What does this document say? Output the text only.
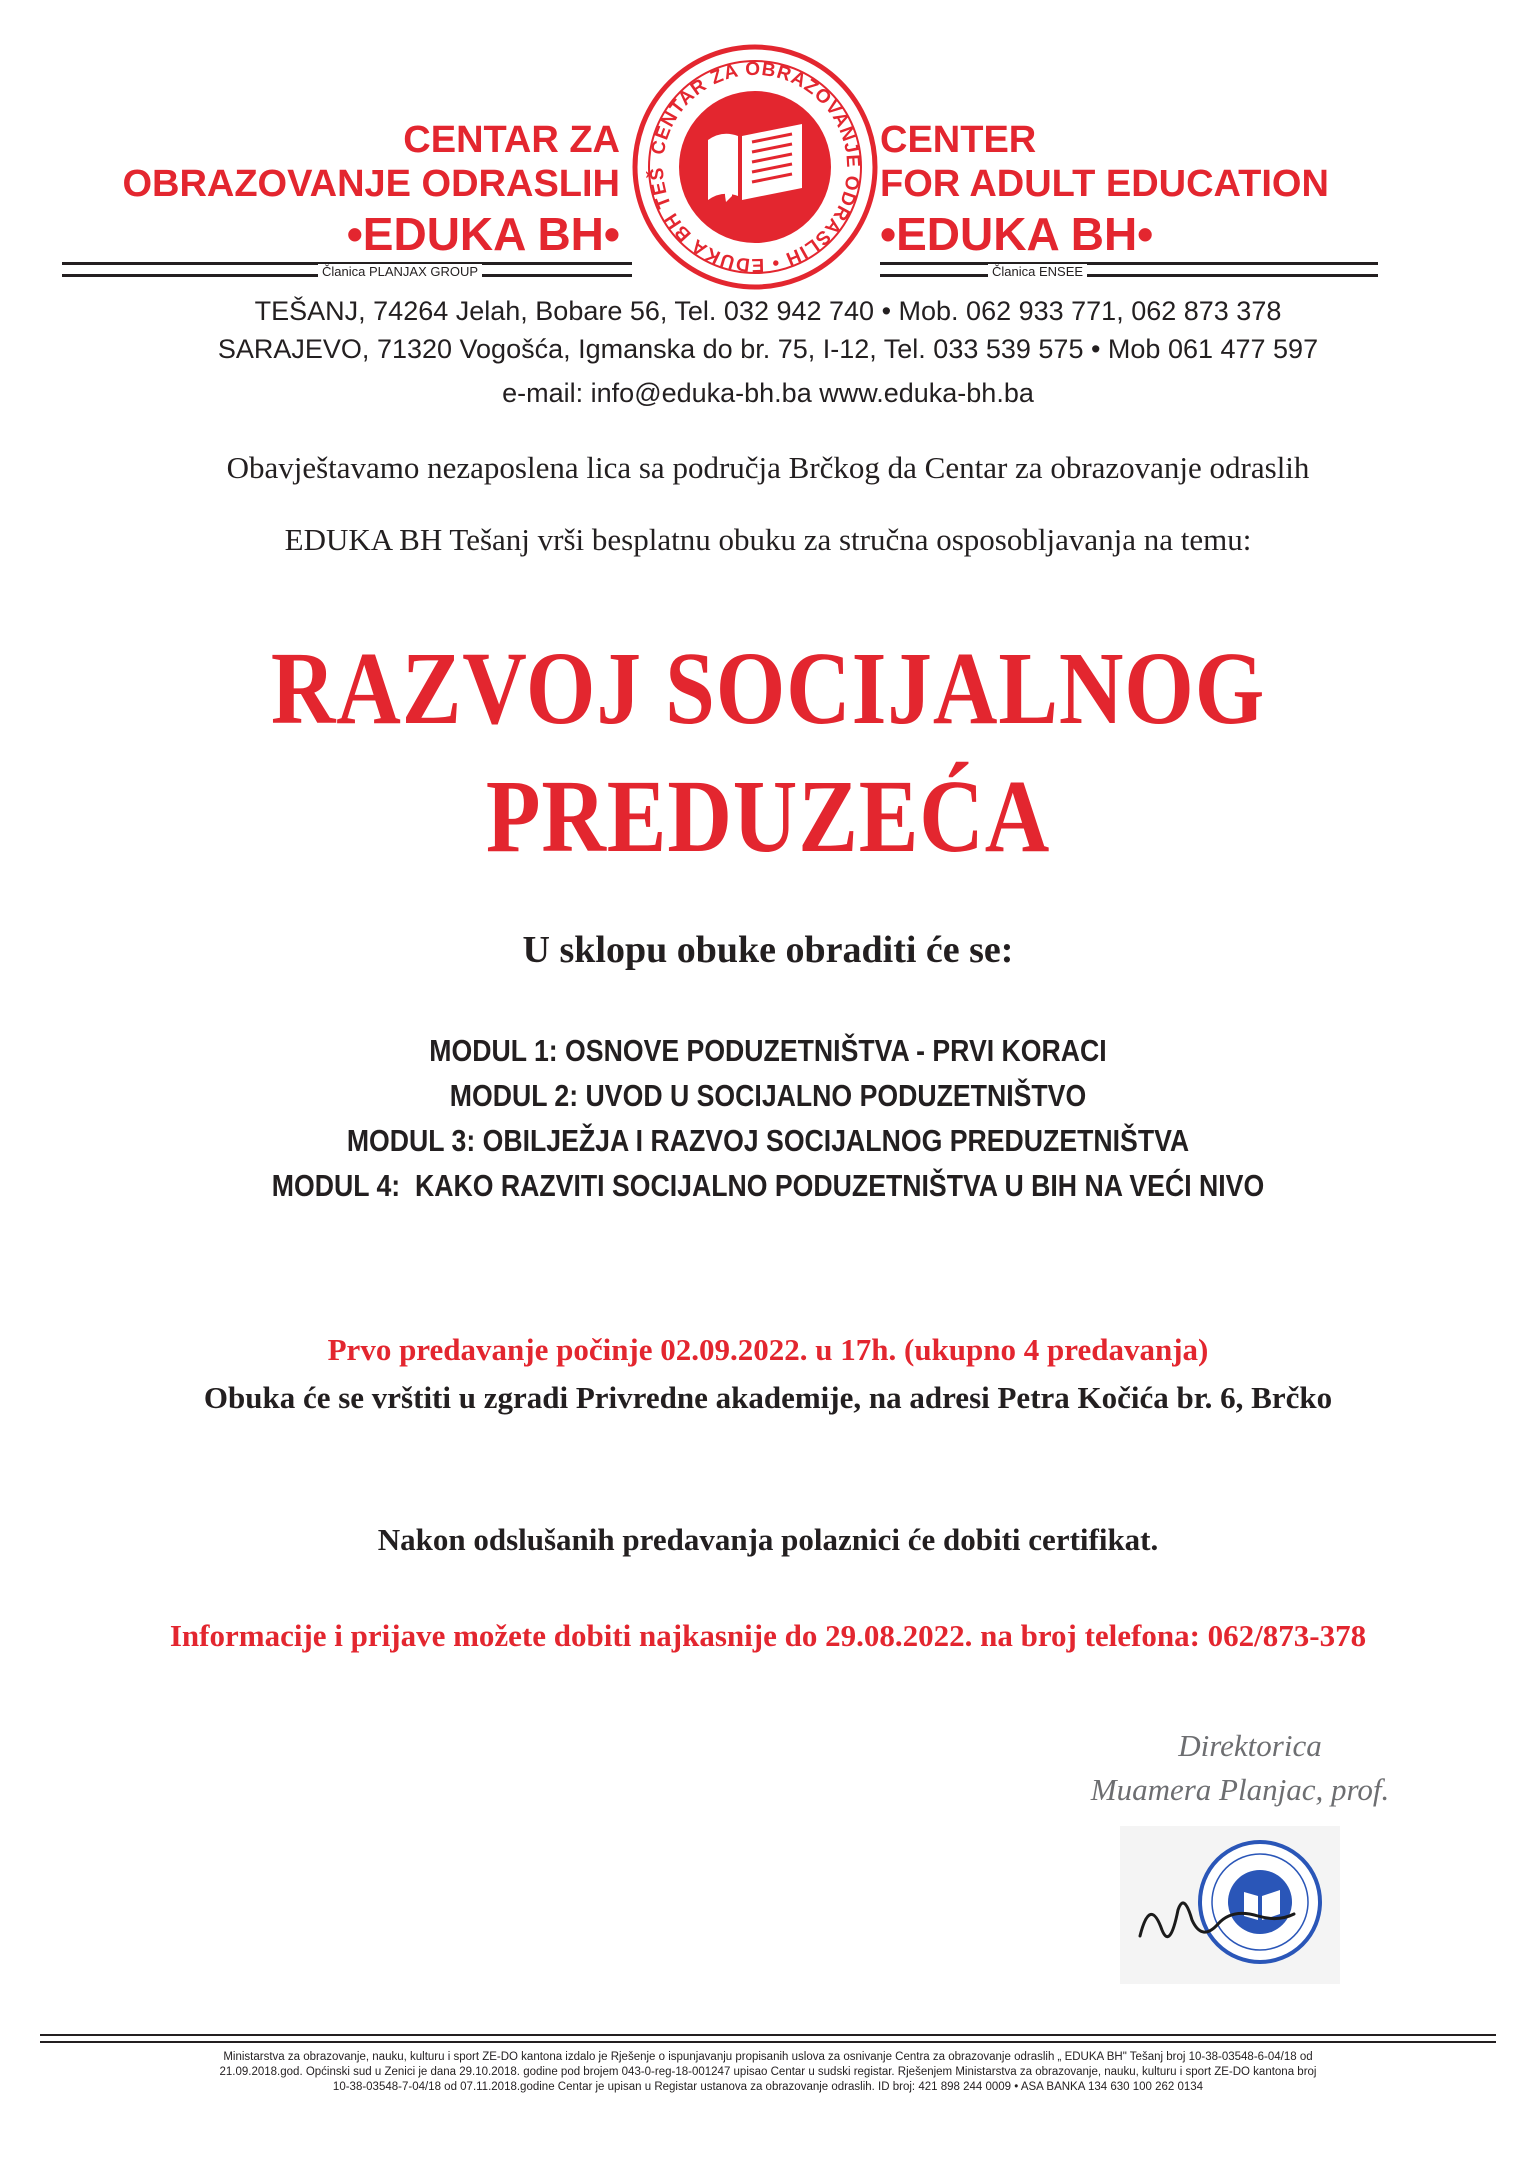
CENTAR ZA
OBRAZOVANJE ODRASLIH
•EDUKA BH•
Članica PLANJAX GROUP
CENTAR ZA OBRAZOVANJE ODRASLIH • EDUKA BH TEŠ
CENTER
FOR ADULT EDUCATION
•EDUKA BH•
Članica ENSEE
TEŠANJ, 74264 Jelah, Bobare 56, Tel. 032 942 740 • Mob. 062 933 771, 062 873 378
SARAJEVO, 71320 Vogošća, Igmanska do br. 75, I-12, Tel. 033 539 575 • Mob 061 477 597
e-mail: info@eduka-bh.ba www.eduka-bh.ba
Obavještavamo nezaposlena lica sa područja Brčkog da Centar za obrazovanje odraslih
EDUKA BH Tešanj vrši besplatnu obuku za stručna osposobljavanja na temu:
RAZVOJ SOCIJALNOG
PREDUZEĆA
U sklopu obuke obraditi će se:
MODUL 1: OSNOVE PODUZETNIŠTVA - PRVI KORACI
MODUL 2: UVOD U SOCIJALNO PODUZETNIŠTVO
MODUL 3: OBILJEŽJA I RAZVOJ SOCIJALNOG PREDUZETNIŠTVA
MODUL 4:  KAKO RAZVITI SOCIJALNO PODUZETNIŠTVA U BIH NA VEĆI NIVO
Prvo predavanje počinje 02.09.2022. u 17h. (ukupno 4 predavanja)
Obuka će se vrštiti u zgradi Privredne akademije, na adresi Petra Kočića br. 6, Brčko
Nakon odslušanih predavanja polaznici će dobiti certifikat.
Informacije i prijave možete dobiti najkasnije do 29.08.2022. na broj telefona: 062/873-378
Direktorica
Muamera Planjac, prof.
Ministarstva za obrazovanje, nauku, kulturu i sport ZE-DO kantona izdalo je Rješenje o ispunjavanju propisanih uslova za osnivanje Centra za obrazovanje odraslih „ EDUKA BH" Tešanj broj 10-38-03548-6-04/18 od
21.09.2018.god. Općinski sud u Zenici je dana 29.10.2018. godine pod brojem 043-0-reg-18-001247 upisao Centar u sudski registar. Rješenjem Ministarstva za obrazovanje, nauku, kulturu i sport ZE-DO kantona broj
10-38-03548-7-04/18 od 07.11.2018.godine Centar je upisan u Registar ustanova za obrazovanje odraslih. ID broj: 421 898 244 0009 • ASA BANKA 134 630 100 262 0134
